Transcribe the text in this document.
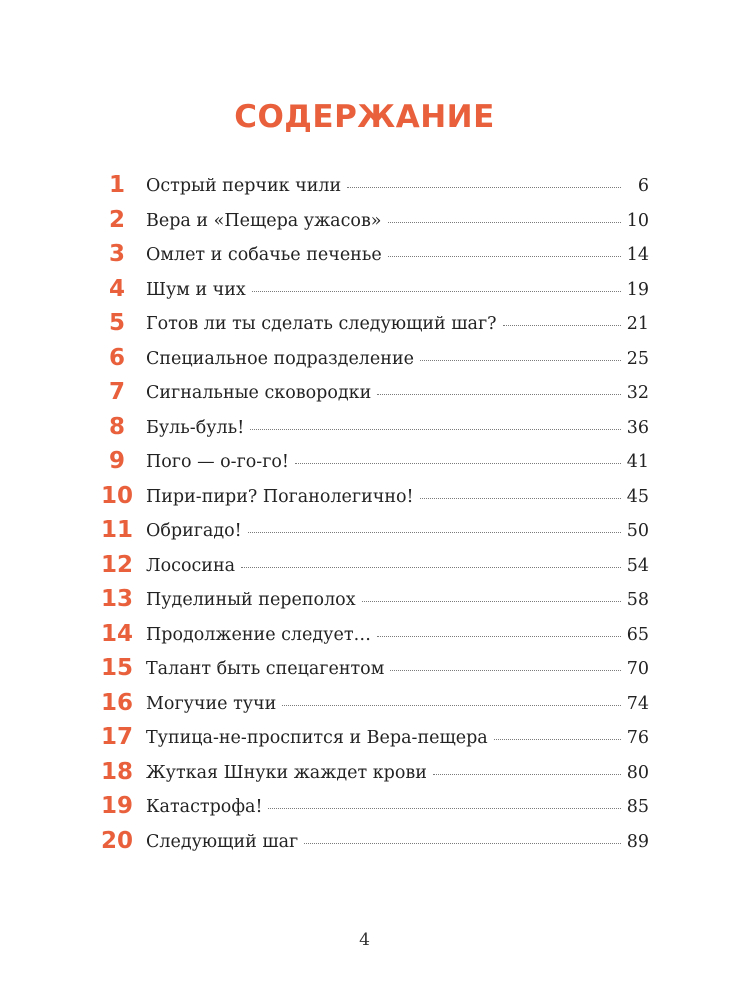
СОДЕРЖАНИЕ
1	Острый перчик чили	6
2	Вера и «Пещера ужасов»	10
3	Омлет и собачье печенье	14
4	Шум и чих	19
5	Готов ли ты сделать следующий шаг?	21
6	Специальное подразделение	25
7	Сигнальные сковородки	32
8	Буль-буль!	36
9	Пого — о-го-го!	41
10 Пири-пири? Поганолегично!	45
11 Обригадо!	50
12 Лососина	54
13 Пуделиный переполох	58
14 Продолжение следует…	65
15 Талант быть спецагентом	70
16 Могучие тучи	74
17 Тупица-не-проспится и Вера-пещера	76
18 Жуткая Шнуки жаждет крови	80
19 Катастрофа!	85
20 Следующий шаг	89
4
